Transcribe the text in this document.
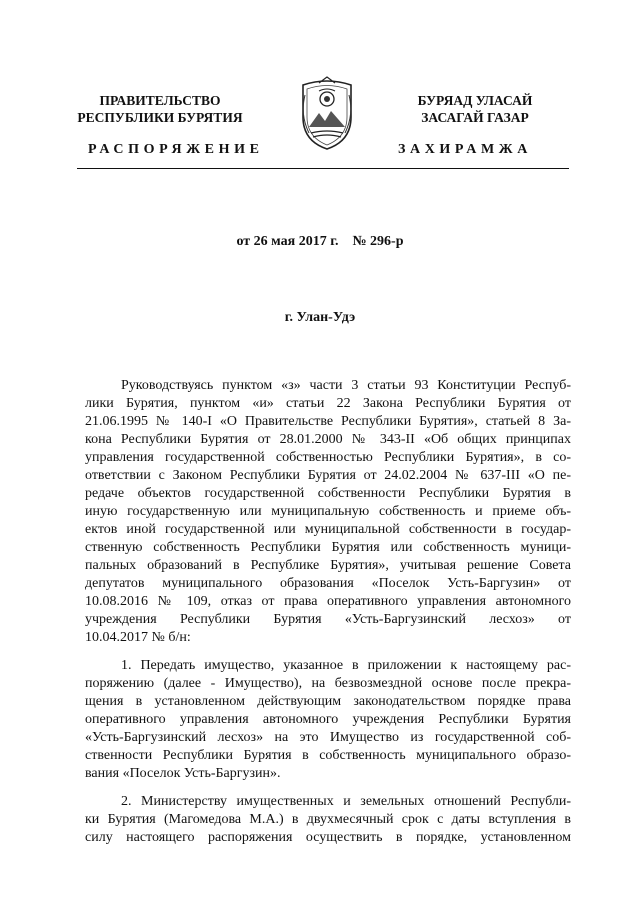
ПРАВИТЕЛЬСТВО
РЕСПУБЛИКИ БУРЯТИЯ
БУРЯАД УЛАСАЙ
ЗАСАГАЙ ГАЗАР
РАСПОРЯЖЕНИЕ	ЗАХИРАМЖА
от 26 мая 2017 г.    № 296-р
г. Улан-Удэ
Руководствуясь пунктом «з» части 3 статьи 93 Конституции Респуб-
лики Бурятия, пунктом «и» статьи 22 Закона Республики Бурятия от
21.06.1995 № 140-I «О Правительстве Республики Бурятия», статьей 8 За-
кона Республики Бурятия от 28.01.2000 № 343-II «Об общих принципах
управления государственной собственностью Республики Бурятия», в со-
ответствии с Законом Республики Бурятия от 24.02.2004 № 637-III «О пе-
редаче объектов государственной собственности Республики Бурятия в
иную государственную или муниципальную собственность и приеме объ-
ектов иной государственной или муниципальной собственности в государ-
ственную собственность Республики Бурятия или собственность муници-
пальных образований в Республике Бурятия», учитывая решение Совета
депутатов муниципального образования «Поселок Усть-Баргузин» от
10.08.2016 № 109, отказ от права оперативного управления автономного
учреждения Республики Бурятия «Усть-Баргузинский лесхоз» от
10.04.2017 № б/н:
1. Передать имущество, указанное в приложении к настоящему рас-
поряжению (далее - Имущество), на безвозмездной основе после прекра-
щения в установленном действующим законодательством порядке права
оперативного управления автономного учреждения Республики Бурятия
«Усть-Баргузинский лесхоз» на это Имущество из государственной соб-
ственности Республики Бурятия в собственность муниципального образо-
вания «Поселок Усть-Баргузин».
2. Министерству имущественных и земельных отношений Республи-
ки Бурятия (Магомедова М.А.) в двухмесячный срок с даты вступления в
силу настоящего распоряжения осуществить в порядке, установленном
